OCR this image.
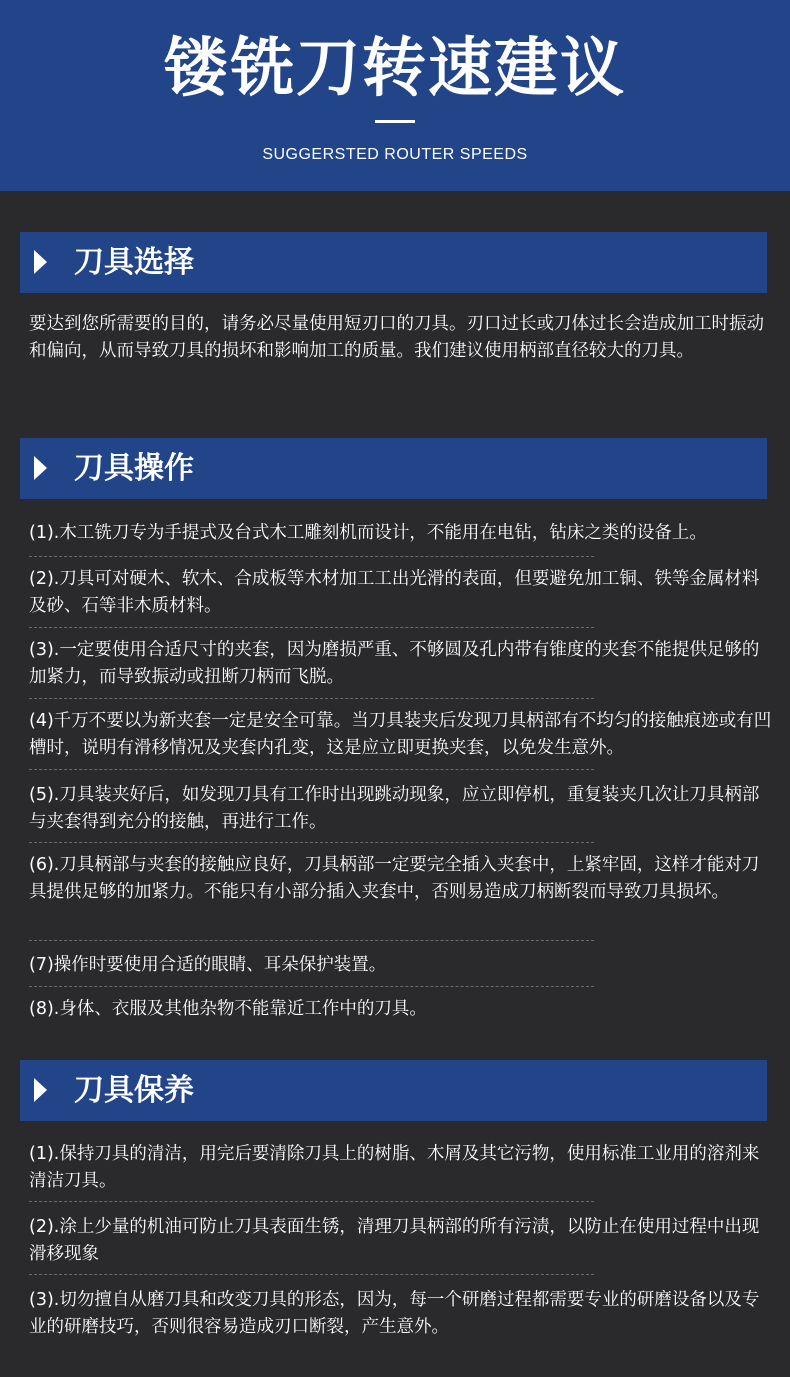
镂铣刀转速建议
SUGGERSTED ROUTER SPEEDS
刀具选择

要达到您所需要的目的，请务必尽量使用短刃口的刀具。刃口过长或刀体过长会造成加工时振动和偏向，从而导致刀具的损坏和影响加工的质量。我们建议使用柄部直径较大的刀具。

刀具操作

(1).木工铣刀专为手提式及台式木工雕刻机而设计，不能用在电钻，钻床之类的设备上。

(2).刀具可对硬木、软木、合成板等木材加工工出光滑的表面，但要避免加工铜、铁等金属材料及砂、石等非木质材料。

(3).一定要使用合适尺寸的夹套，因为磨损严重、不够圆及孔内带有锥度的夹套不能提供足够的加紧力，而导致振动或扭断刀柄而飞脱。

(4)千万不要以为新夹套一定是安全可靠。当刀具装夹后发现刀具柄部有不均匀的接触痕迹或有凹槽时，说明有滑移情况及夹套内孔变，这是应立即更换夹套，以免发生意外。

(5).刀具装夹好后，如发现刀具有工作时出现跳动现象，应立即停机，重复装夹几次让刀具柄部与夹套得到充分的接触，再进行工作。

(6).刀具柄部与夹套的接触应良好，刀具柄部一定要完全插入夹套中，上紧牢固，这样才能对刀具提供足够的加紧力。不能只有小部分插入夹套中，否则易造成刀柄断裂而导致刀具损坏。

(7)操作时要使用合适的眼睛、耳朵保护装置。

(8).身体、衣服及其他杂物不能靠近工作中的刀具。

刀具保养

(1).保持刀具的清洁，用完后要清除刀具上的树脂、木屑及其它污物，使用标准工业用的溶剂来清洁刀具。

(2).涂上少量的机油可防止刀具表面生锈，清理刀具柄部的所有污渍，以防止在使用过程中出现滑移现象

(3).切勿擅自从磨刀具和改变刀具的形态，因为，每一个研磨过程都需要专业的研磨设备以及专业的研磨技巧，否则很容易造成刃口断裂，产生意外。
